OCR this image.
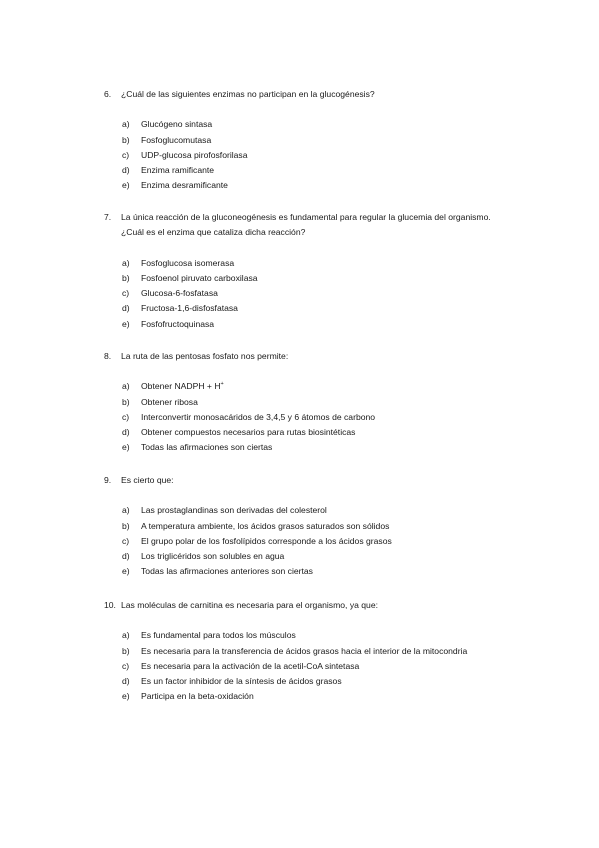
6.	¿Cuál de las siguientes enzimas no participan en la glucogénesis?
a)	Glucógeno sintasa
b)	Fosfoglucomutasa
c)	UDP-glucosa pirofosforilasa
d)	Enzima ramificante
e)	Enzima desramificante
7.	La única reacción de la gluconeogénesis es fundamental para regular la glucemia del organismo. ¿Cuál es el enzima que cataliza dicha reacción?
a)	Fosfoglucosa isomerasa
b)	Fosfoenol piruvato carboxilasa
c)	Glucosa-6-fosfatasa
d)	Fructosa-1,6-disfosfatasa
e)	Fosfofructoquinasa
8.	La ruta de las pentosas fosfato nos permite:
a)	Obtener NADPH + H+
b)	Obtener ribosa
c)	Interconvertir monosacáridos de 3,4,5 y 6 átomos de carbono
d)	Obtener compuestos necesarios para rutas biosintéticas
e)	Todas las afirmaciones son ciertas
9.	Es cierto que:
a)	Las prostaglandinas son derivadas del colesterol
b)	A temperatura ambiente, los ácidos grasos saturados son sólidos
c)	El grupo polar de los fosfolípidos corresponde a los ácidos grasos
d)	Los triglicéridos son solubles en agua
e)	Todas las afirmaciones anteriores son ciertas
10. Las moléculas de carnitina es necesaria para el organismo, ya que:
a)	Es fundamental para todos los músculos
b)	Es necesaria para la transferencia de ácidos grasos hacia el interior de la mitocondria
c)	Es necesaria para la activación de la acetil-CoA sintetasa
d)	Es un factor inhibidor de la síntesis de ácidos grasos
e)	Participa en la beta-oxidación
